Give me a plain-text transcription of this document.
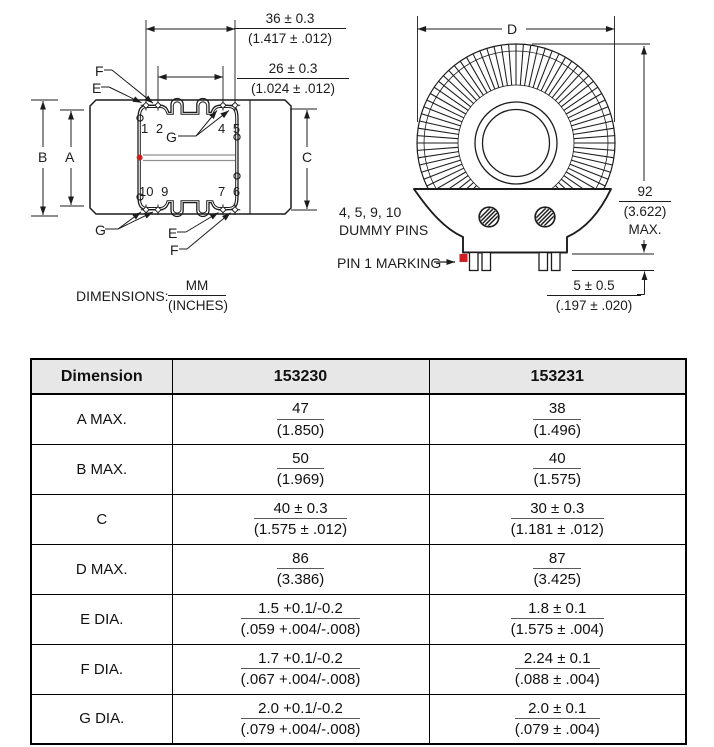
$\frac{36 \pm 0.3}{(1.417 \pm .012)}$
$\frac{26 \pm 0.3}{(1.024 \pm .012)}$
F
E
G
B A	C
G	E
F
1 2	4 5
10 9	7 6
DIMENSIONS:
MM
(INCHES)
D
92
(3.622)
MAX.
$\frac{5 \pm 0.5}{(.197 \pm .020)}$
4, 5, 9, 10
DUMMY PINS
PIN 1 MARKING
Dimension	153230	153231
A MAX.	$\frac{47}{(1.850)}$	$\frac{38}{(1.496)}$

B MAX.	$\frac{50}{(1.969)}$	$\frac{40}{(1.575)}$

C	$\frac{40 \pm 0.3}{(1.575 \pm .012)}$	$\frac{30 \pm 0.3}{(1.181 \pm .012)}$

D MAX.	$\frac{86}{(3.386)}$	$\frac{87}{(3.425)}$

E DIA.	$\frac{1.5 +0.1/-0.2}{(.059 +.004/-.008)}$	$\frac{1.8 \pm 0.1}{(1.575 \pm .004)}$

F DIA.	$\frac{1.7 +0.1/-0.2}{(.067 +.004/-.008)}$	$\frac{2.24 \pm 0.1}{(.088 \pm .004)}$

G DIA.	$\frac{2.0 +0.1/-0.2}{(.079 +.004/-.008)}$	$\frac{2.0 \pm 0.1}{(.079 \pm .004)}$
